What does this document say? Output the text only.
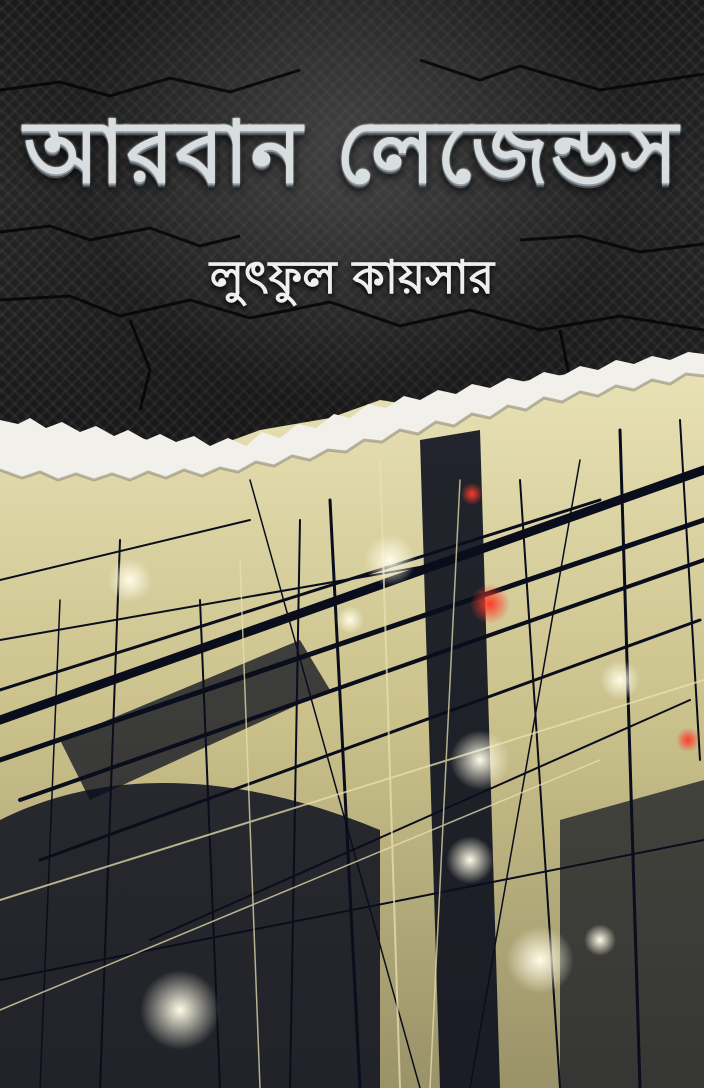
আরবান লেজেন্ডস
লুৎফুল কায়সার
